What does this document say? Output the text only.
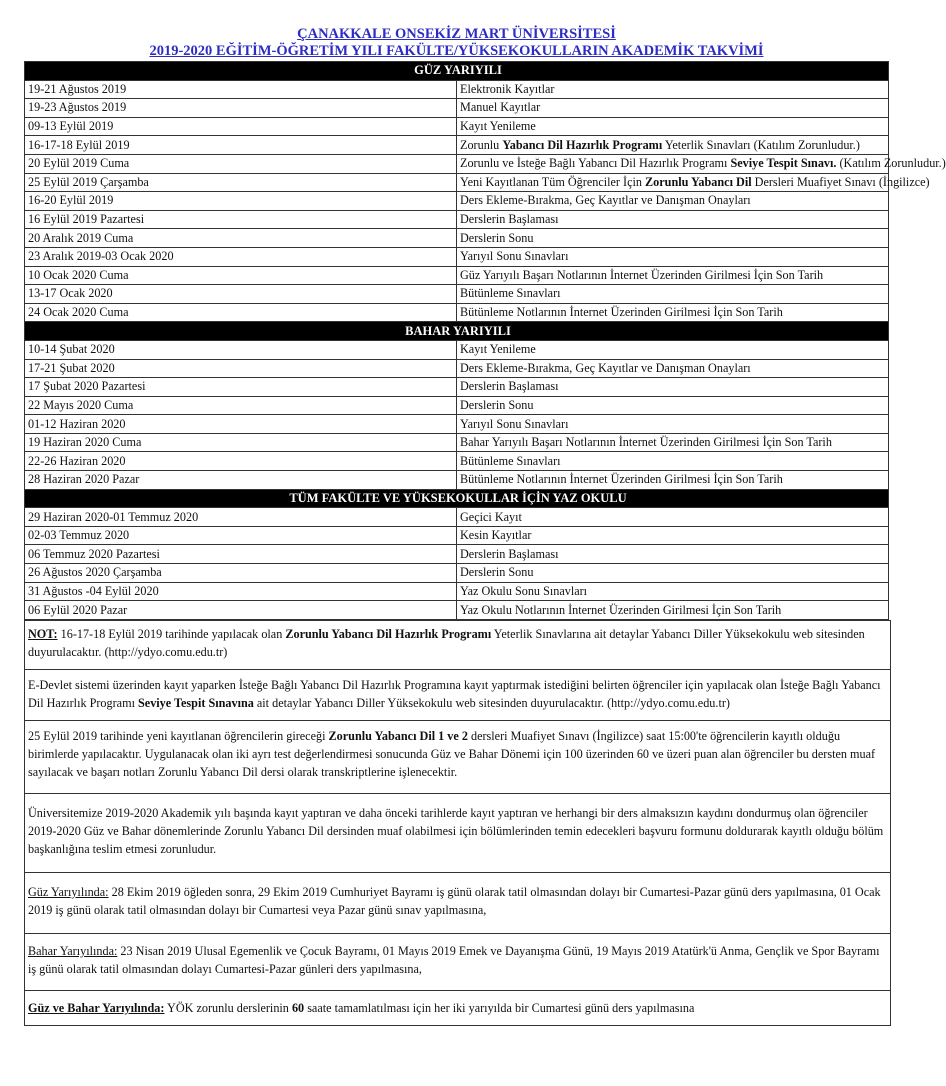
ÇANAKKALE ONSEKİZ MART ÜNİVERSİTESİ
2019-2020 EĞİTİM-ÖĞRETİM YILI FAKÜLTE/YÜKSEKOKULLARIN AKADEMİK TAKVİMİ
GÜZ YARIYILI	
19-21 Ağustos 2019	Elektronik Kayıtlar
19-23 Ağustos 2019	Manuel Kayıtlar
09-13 Eylül 2019	Kayıt Yenileme
16-17-18 Eylül 2019	Zorunlu Yabancı Dil Hazırlık Programı Yeterlik Sınavları (Katılım Zorunludur.)
20 Eylül 2019 Cuma	Zorunlu ve İsteğe Bağlı Yabancı Dil Hazırlık Programı Seviye Tespit Sınavı. (Katılım Zorunludur.)
25 Eylül 2019 Çarşamba	Yeni Kayıtlanan Tüm Öğrenciler İçin Zorunlu Yabancı Dil Dersleri Muafiyet Sınavı (İngilizce)
16-20 Eylül 2019	Ders Ekleme-Bırakma, Geç Kayıtlar ve Danışman Onayları
16 Eylül 2019 Pazartesi	Derslerin Başlaması
20 Aralık 2019 Cuma	Derslerin Sonu
23 Aralık 2019-03 Ocak 2020	Yarıyıl Sonu Sınavları
10 Ocak 2020 Cuma	Güz Yarıyılı Başarı Notlarının İnternet Üzerinden Girilmesi İçin Son Tarih
13-17 Ocak 2020	Bütünleme Sınavları
24 Ocak 2020 Cuma	Bütünleme Notlarının İnternet Üzerinden Girilmesi İçin Son Tarih
BAHAR YARIYILI	
10-14 Şubat 2020	Kayıt Yenileme
17-21 Şubat 2020	Ders Ekleme-Bırakma, Geç Kayıtlar ve Danışman Onayları
17 Şubat 2020 Pazartesi	Derslerin Başlaması
22 Mayıs 2020 Cuma	Derslerin Sonu
01-12 Haziran 2020	Yarıyıl Sonu Sınavları
19 Haziran 2020 Cuma	Bahar Yarıyılı Başarı Notlarının İnternet Üzerinden Girilmesi İçin Son Tarih
22-26 Haziran 2020	Bütünleme Sınavları
28 Haziran 2020 Pazar	Bütünleme Notlarının İnternet Üzerinden Girilmesi İçin Son Tarih
TÜM FAKÜLTE VE YÜKSEKOKULLAR İÇİN YAZ OKULU	
29 Haziran 2020-01 Temmuz 2020	Geçici Kayıt
02-03 Temmuz 2020	Kesin Kayıtlar
06 Temmuz 2020 Pazartesi	Derslerin Başlaması
26 Ağustos 2020 Çarşamba	Derslerin Sonu
31 Ağustos -04 Eylül 2020	Yaz Okulu Sonu Sınavları
06 Eylül 2020 Pazar	Yaz Okulu Notlarının İnternet Üzerinden Girilmesi İçin Son Tarih
NOT: 16-17-18 Eylül 2019 tarihinde yapılacak olan Zorunlu Yabancı Dil Hazırlık Programı Yeterlik Sınavlarına ait detaylar Yabancı Diller Yüksekokulu web sitesinden duyurulacaktır. (http://ydyo.comu.edu.tr)
E-Devlet sistemi üzerinden kayıt yaparken İsteğe Bağlı Yabancı Dil Hazırlık Programına kayıt yaptırmak istediğini belirten öğrenciler için yapılacak olan İsteğe Bağlı Yabancı Dil Hazırlık Programı Seviye Tespit Sınavına ait detaylar Yabancı Diller Yüksekokulu web sitesinden duyurulacaktır. (http://ydyo.comu.edu.tr)
25 Eylül 2019 tarihinde yeni kayıtlanan öğrencilerin gireceği Zorunlu Yabancı Dil 1 ve 2 dersleri Muafiyet Sınavı (İngilizce) saat 15:00'te öğrencilerin kayıtlı olduğu birimlerde yapılacaktır. Uygulanacak olan iki ayrı test değerlendirmesi sonucunda Güz ve Bahar Dönemi için 100 üzerinden 60 ve üzeri puan alan öğrenciler bu dersten muaf sayılacak ve başarı notları Zorunlu Yabancı Dil dersi olarak transkriptlerine işlenecektir.
Üniversitemize 2019-2020 Akademik yılı başında kayıt yaptıran ve daha önceki tarihlerde kayıt yaptıran ve herhangi bir ders almaksızın kaydını dondurmuş olan öğrenciler 2019-2020 Güz ve Bahar dönemlerinde Zorunlu Yabancı Dil dersinden muaf olabilmesi için bölümlerinden temin edecekleri başvuru formunu doldurarak kayıtlı olduğu bölüm başkanlığına teslim etmesi zorunludur.
Güz Yarıyılında: 28 Ekim 2019 öğleden sonra, 29 Ekim 2019 Cumhuriyet Bayramı iş günü olarak tatil olmasından dolayı bir Cumartesi-Pazar günü ders yapılmasına, 01 Ocak 2019 iş günü olarak tatil olmasından dolayı bir Cumartesi veya Pazar günü sınav yapılmasına,
Bahar Yarıyılında: 23 Nisan 2019 Ulusal Egemenlik ve Çocuk Bayramı, 01 Mayıs 2019 Emek ve Dayanışma Günü, 19 Mayıs 2019 Atatürk'ü Anma, Gençlik ve Spor Bayramı iş günü olarak tatil olmasından dolayı Cumartesi-Pazar günleri ders yapılmasına,
Güz ve Bahar Yarıyılında: YÖK zorunlu derslerinin 60 saate tamamlatılması için her iki yarıyılda bir Cumartesi günü ders yapılmasına
